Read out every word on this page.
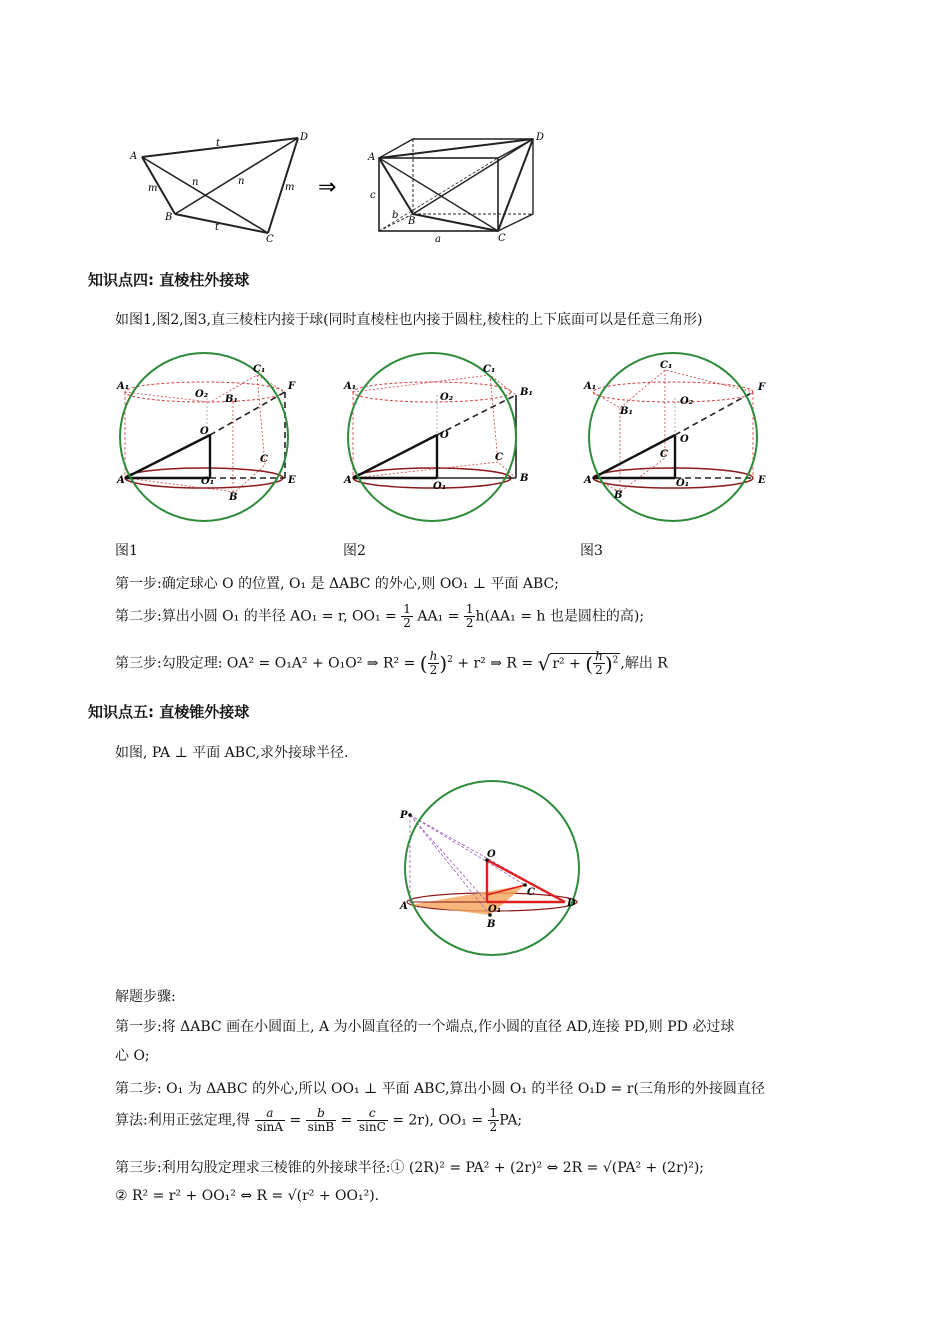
A
D
B
C
t
t
m	m
n	n	⇒
A
D
B
C
a
b
c
知识点四: 直棱柱外接球
如图1,图2,图3,直三棱柱内接于球(同时直棱柱也内接于圆柱,棱柱的上下底面可以是任意三角形)
A₁
C₁
F
O₂ B₁
O
C
A	O₁	E
B
A₁
C₁
B₁
O₂
O
C
A
O₁
B
A₁
C₁
F
B₁
O₂
O
C
A	O₁	E
B
图1	图2	图3
第一步:确定球心 O 的位置, O₁ 是 ΔABC 的外心,则 OO₁ ⊥ 平面 ABC;
第二步:算出小圆 O₁ 的半径 AO₁ = r, $OO_1 = \frac{1}{2} AA_1 = \frac{1}{2} h(AA_1 = h$ 也是圆柱的高);
第三步:勾股定理: OA² = O₁A² + O₁O² ⇒ R² = ( $\frac{h}{2} )^2 + r^2$ ⇒ R = √ r² + ( $\frac{h}{2} )^2$ ,解出 R
知识点五: 直棱锥外接球
如图, PA ⊥ 平面 ABC,求外接球半径.
P
O
C
A	O₁
B
D
解题步骤:
第一步:将 ΔABC 画在小圆面上, A 为小圆直径的一个端点,作小圆的直径 AD,连接 PD,则 PD 必过球
心 O;
第二步: O₁ 为 ΔABC 的外心,所以 OO₁ ⊥ 平面 ABC,算出小圆 O₁ 的半径 O₁D = r(三角形的外接圆直径
算法:利用正弦定理,得 $\frac{a}{\sin A} = \frac{b}{\sin B} = \frac{c}{\sin C} = 2r$), $OO_1 = \frac{1}{2}$ PA;
第三步:利用勾股定理求三棱锥的外接球半径:① (2R)² = PA² + (2r)² ⇔ 2R = √(PA² + (2r)²);
② R² = r² + OO₁² ⇔ R = √(r² + OO₁²).
